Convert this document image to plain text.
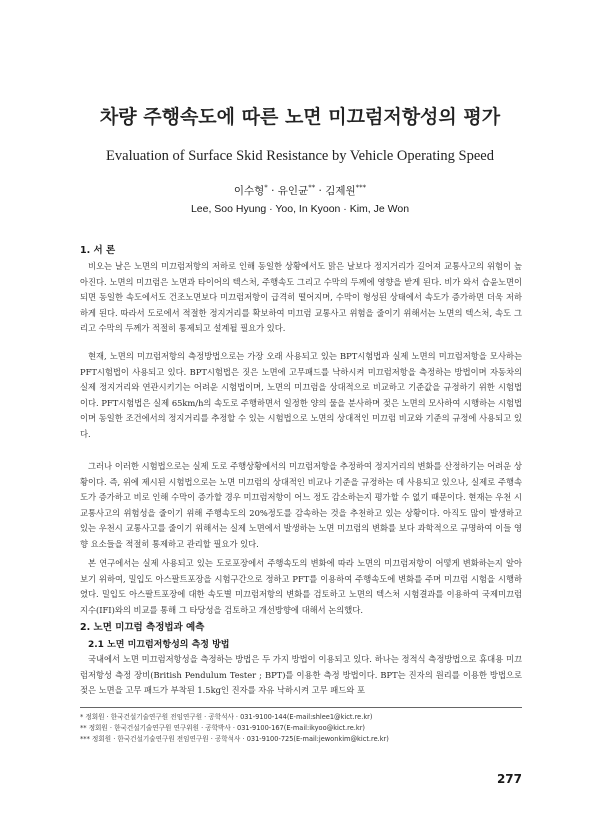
차량 주행속도에 따른 노면 미끄럼저항성의 평가
Evaluation of Surface Skid Resistance by Vehicle Operating Speed
이수형* · 유인균** · 김제원***
Lee, Soo Hyung · Yoo, In Kyoon · Kim, Je Won
1. 서 론
비오는 날은 노면의 미끄럼저항의 저하로 인해 동일한 상황에서도 맑은 날보다 정지거리가 길어져 교통사고의 위험이 높아진다. 노면의 미끄럼은 노면과 타이어의 텍스처, 주행속도 그리고 수막의 두께에 영향을 받게 된다. 비가 와서 습윤노면이 되면 동일한 속도에서도 건조노면보다 미끄럼저항이 급격히 떨어지며, 수막이 형성된 상태에서 속도가 증가하면 더욱 저하하게 된다. 따라서 도로에서 적절한 정지거리를 확보하여 미끄럼 교통사고 위험을 줄이기 위해서는 노면의 텍스처, 속도 그리고 수막의 두께가 적절히 통제되고 설계될 필요가 있다.
현재, 노면의 미끄럼저항의 측정방법으로는 가장 오래 사용되고 있는 BPT시험법과 실제 노면의 미끄럼저항을 모사하는 PFT시험법이 사용되고 있다. BPT시험법은 짓은 노면에 고무패드를 낙하시켜 미끄럼저항을 측정하는 방법이며 자동차의 실제 정지거리와 연관시키기는 어려운 시험법이며, 노면의 미끄럼을 상대적으로 비교하고 기준값을 규정하기 위한 시험법이다. PFT시험법은 실제 65km/h의 속도로 주행하면서 일정한 양의 물을 분사하며 젖은 노면의 모사하여 시행하는 시험법이며 동일한 조건에서의 정지거리를 추정할 수 있는 시험법으로 노면의 상대적인 미끄럼 비교와 기준의 규정에 사용되고 있다.
그러나 이러한 시험법으로는 실제 도로 주행상황에서의 미끄럼저항을 추정하여 정지거리의 변화를 산정하기는 어려운 상황이다. 즉, 위에 제시된 시험법으로는 노면 미끄럼의 상대적인 비교나 기준을 규정하는 데 사용되고 있으나, 실제로 주행속도가 증가하고 비로 인해 수막이 증가할 경우 미끄럼저항이 어느 정도 감소하는지 평가할 수 없기 때문이다. 현재는 우천 시 교통사고의 위험성을 줄이기 위해 주행속도의 20%정도를 감속하는 것을 추천하고 있는 상황이다. 아직도 많이 발생하고 있는 우천시 교통사고를 줄이기 위해서는 실제 노면에서 발생하는 노면 미끄럼의 변화를 보다 과학적으로 규명하여 이들 영향 요소들을 적절히 통제하고 관리할 필요가 있다.
본 연구에서는 실제 사용되고 있는 도로포장에서 주행속도의 변화에 따라 노면의 미끄럼저항이 어떻게 변화하는지 알아보기 위하여, 밀입도 아스팔트포장을 시험구간으로 정하고 PFT를 이용하여 주행속도에 변화를 주며 미끄럼 시험을 시행하였다. 밀입도 아스팔트포장에 대한 속도별 미끄럼저항의 변화를 검토하고 노면의 텍스처 시험결과를 이용하여 국제미끄럼지수(IFI)와의 비교를 통해 그 타당성을 검토하고 개선방향에 대해서 논의했다.
2. 노면 미끄럼 측정법과 예측
2.1 노면 미끄럼저항성의 측정 방법
국내에서 노면 미끄럼저항성을 측정하는 방법은 두 가지 방법이 이용되고 있다. 하나는 정적식 측정방법으로 휴대용 미끄럼저항성 측정 장비(British Pendulum Tester ; BPT)를 이용한 측정 방법이다. BPT는 진자의 원리를 이용한 방법으로 젖은 노면을 고무 패드가 부착된 1.5kg인 진자를 자유 낙하시켜 고무 패드와 포
* 정회원 · 한국건설기술연구원 전임연구원 · 공학석사 · 031-9100-144(E-mail:shlee1@kict.re.kr)
** 정회원 · 한국건설기술연구원 연구위원 · 공학박사 · 031-9100-167(E-mail:ikyoo@kict.re.kr)
*** 정회원 · 한국건설기술연구원 전임연구원 · 공학석사 · 031-9100-725(E-mail:jewonkim@kict.re.kr)
277
